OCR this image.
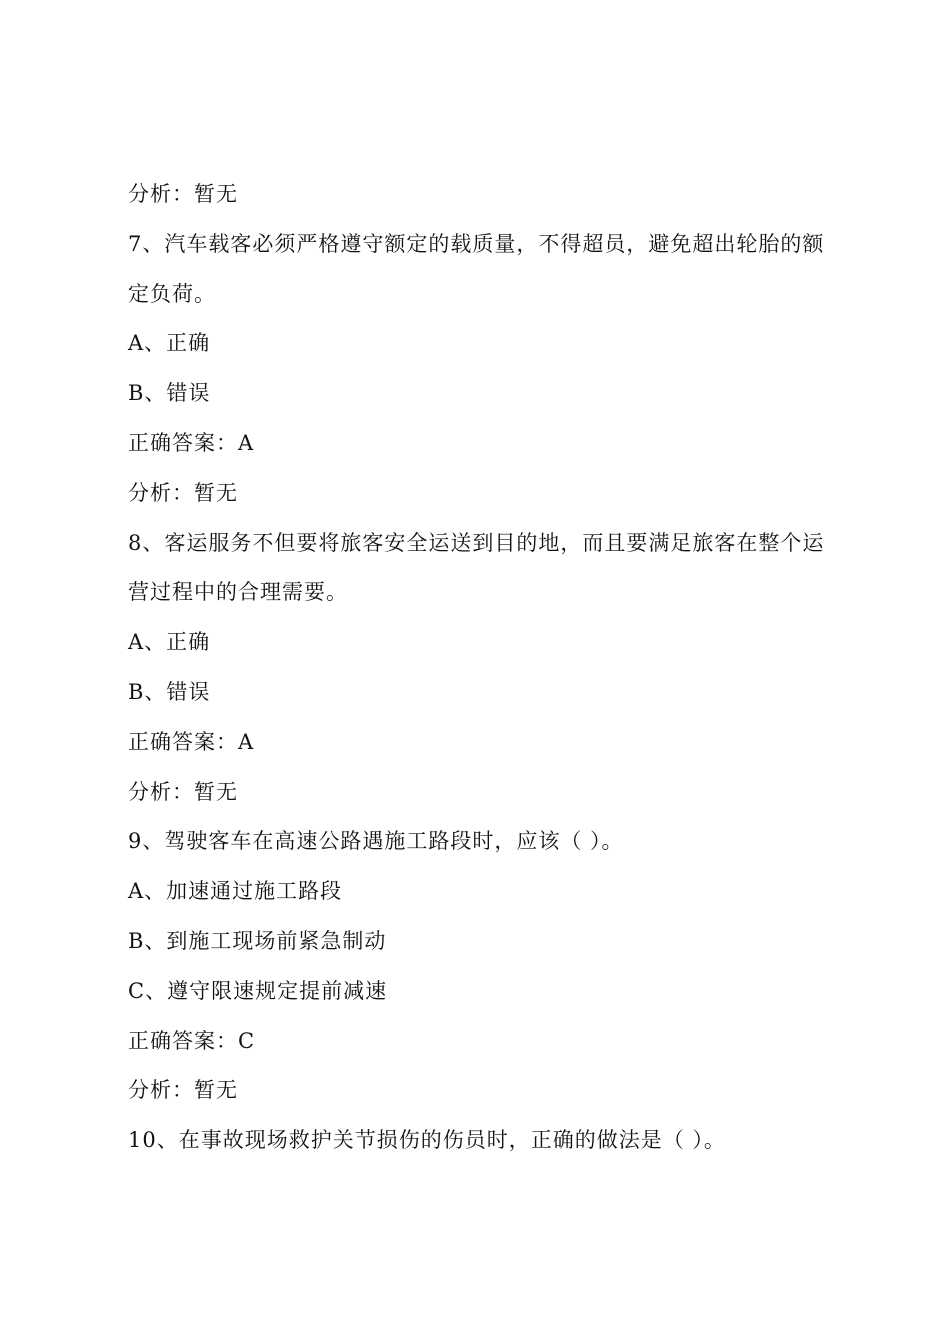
分析：暂无
7、汽车载客必须严格遵守额定的载质量，不得超员，避免超出轮胎的额
定负荷。
A、正确
B、错误
正确答案：A
分析：暂无
8、客运服务不但要将旅客安全运送到目的地，而且要满足旅客在整个运
营过程中的合理需要。
A、正确
B、错误
正确答案：A
分析：暂无
9、驾驶客车在高速公路遇施工路段时，应该（ ）。
A、加速通过施工路段
B、到施工现场前紧急制动
C、遵守限速规定提前减速
正确答案：C
分析：暂无
10、在事故现场救护关节损伤的伤员时，正确的做法是（ ）。
